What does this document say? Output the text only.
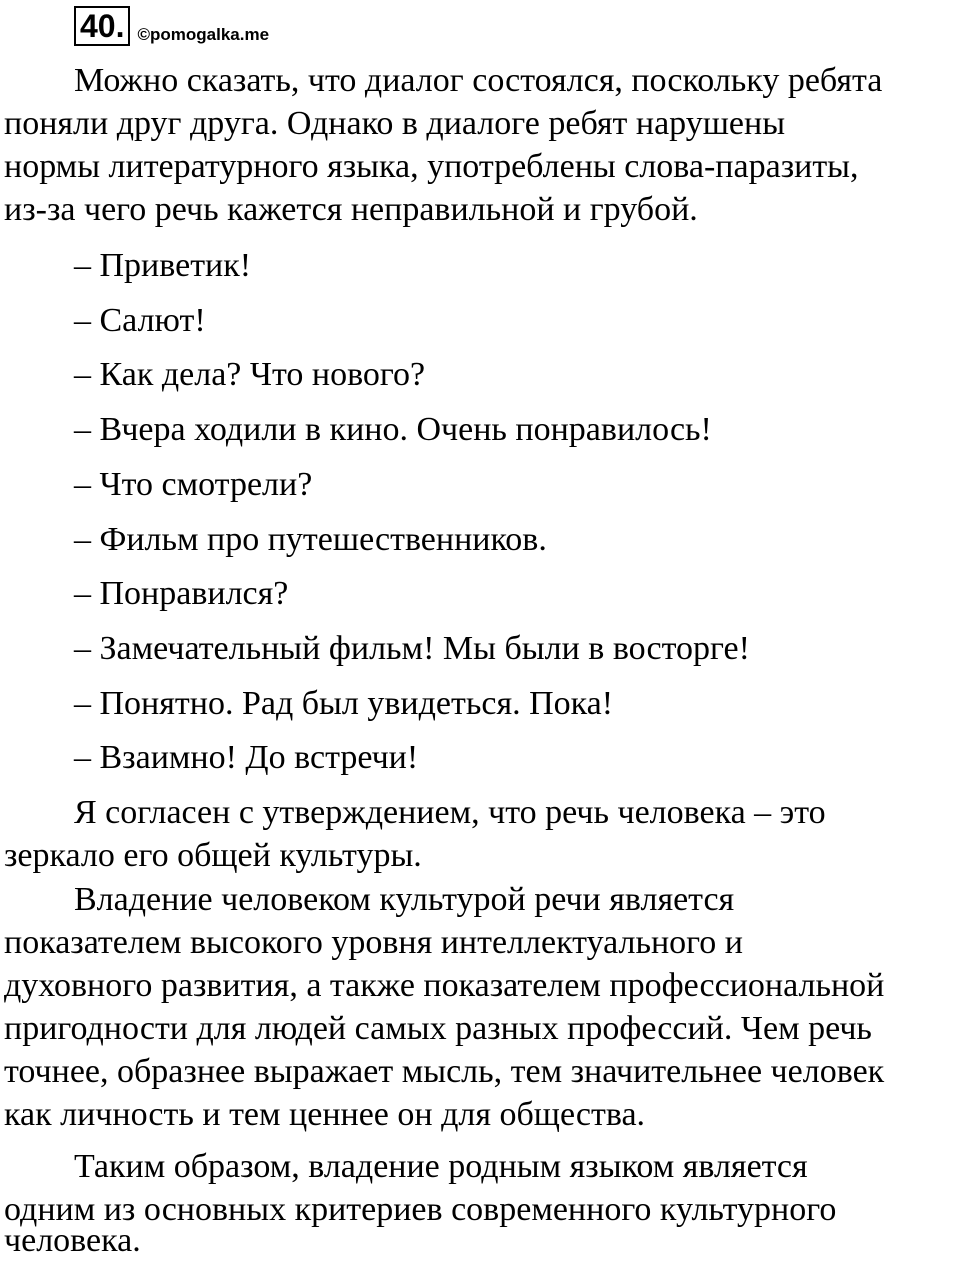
40. ©pomogalka.me

Можно сказать, что диалог состоялся, поскольку ребята

поняли друг друга. Однако в диалоге ребят нарушены

нормы литературного языка, употреблены слова-паразиты,

из-за чего речь кажется неправильной и грубой.

– Приветик!

– Салют!

– Как дела? Что нового?

– Вчера ходили в кино. Очень понравилось!

– Что смотрели?

– Фильм про путешественников.

– Понравился?

– Замечательный фильм! Мы были в восторге!

– Понятно. Рад был увидеться. Пока!

– Взаимно! До встречи!

Я согласен с утверждением, что речь человека – это

зеркало его общей культуры.

Владение человеком культурой речи является

показателем высокого уровня интеллектуального и

духовного развития, а также показателем профессиональной

пригодности для людей самых разных профессий. Чем речь

точнее, образнее выражает мысль, тем значительнее человек

как личность и тем ценнее он для общества.

Таким образом, владение родным языком является

одним из основных критериев современного культурного

человека.
